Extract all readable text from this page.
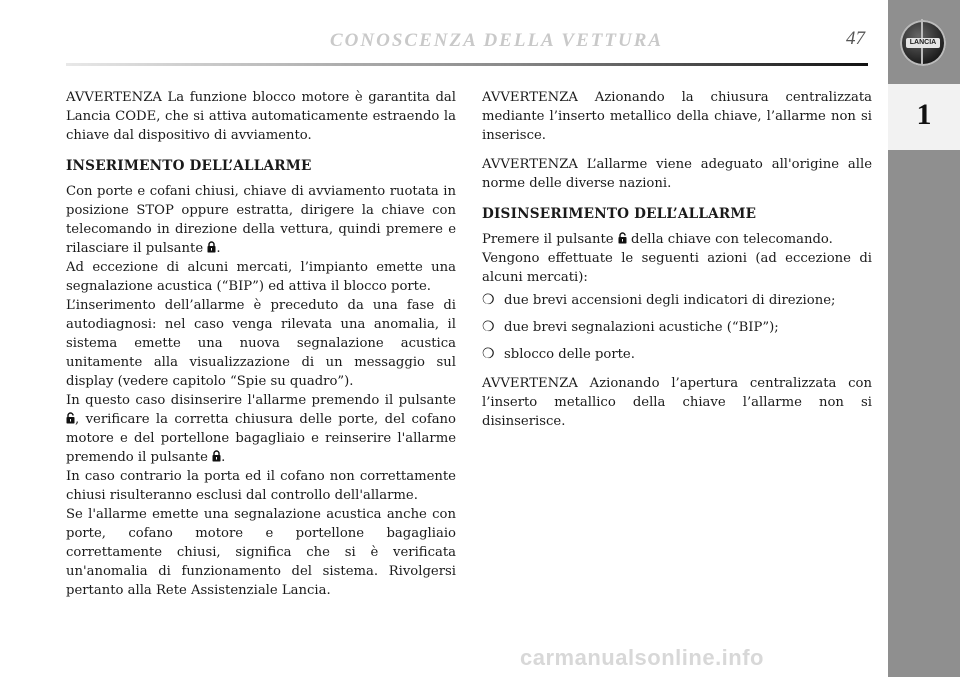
CONOSCENZA DELLA VETTURA	47	LANCIA
1

AVVERTENZA La funzione blocco motore è garantita dal Lancia CODE, che si attiva automaticamente estraendo la chiave dal dispositivo di avviamento.

INSERIMENTO DELL’ALLARME

Con porte e cofani chiusi, chiave di avviamento ruotata in posizione STOP oppure estratta, dirigere la chiave con telecomando in direzione della vettura, quindi premere e rilasciare il pulsante .

Ad eccezione di alcuni mercati, l’impianto emette una segnalazione acustica (“BIP”) ed attiva il blocco porte.

L’inserimento dell’allarme è preceduto da una fase di autodiagnosi: nel caso venga rilevata una anomalia, il sistema emette una nuova segnalazione acustica unitamente alla visualizzazione di un messaggio sul display (vedere capitolo “Spie su quadro”).

In questo caso disinserire l'allarme premendo il pulsante , verificare la corretta chiusura delle porte, del cofano motore e del portellone bagagliaio e reinserire l'allarme premendo il pulsante .

In caso contrario la porta ed il cofano non correttamente chiusi risulteranno esclusi dal controllo dell'allarme.

Se l'allarme emette una segnalazione acustica anche con porte, cofano motore e portellone bagagliaio correttamente chiusi, significa che si è verificata un'anomalia di funzionamento del sistema. Rivolgersi pertanto alla Rete Assistenziale Lancia.

AVVERTENZA Azionando la chiusura centralizzata mediante l’inserto metallico della chiave, l’allarme non si inserisce.

AVVERTENZA L’allarme viene adeguato all'origine alle norme delle diverse nazioni.

DISINSERIMENTO DELL’ALLARME

Premere il pulsante della chiave con telecomando.

Vengono effettuate le seguenti azioni (ad eccezione di alcuni mercati):

❍ due brevi accensioni degli indicatori di direzione;
❍ due brevi segnalazioni acustiche (“BIP”);
❍ sblocco delle porte.

AVVERTENZA Azionando l’apertura centralizzata con l’inserto metallico della chiave l’allarme non si disinserisce.

carmanualsonline.info
